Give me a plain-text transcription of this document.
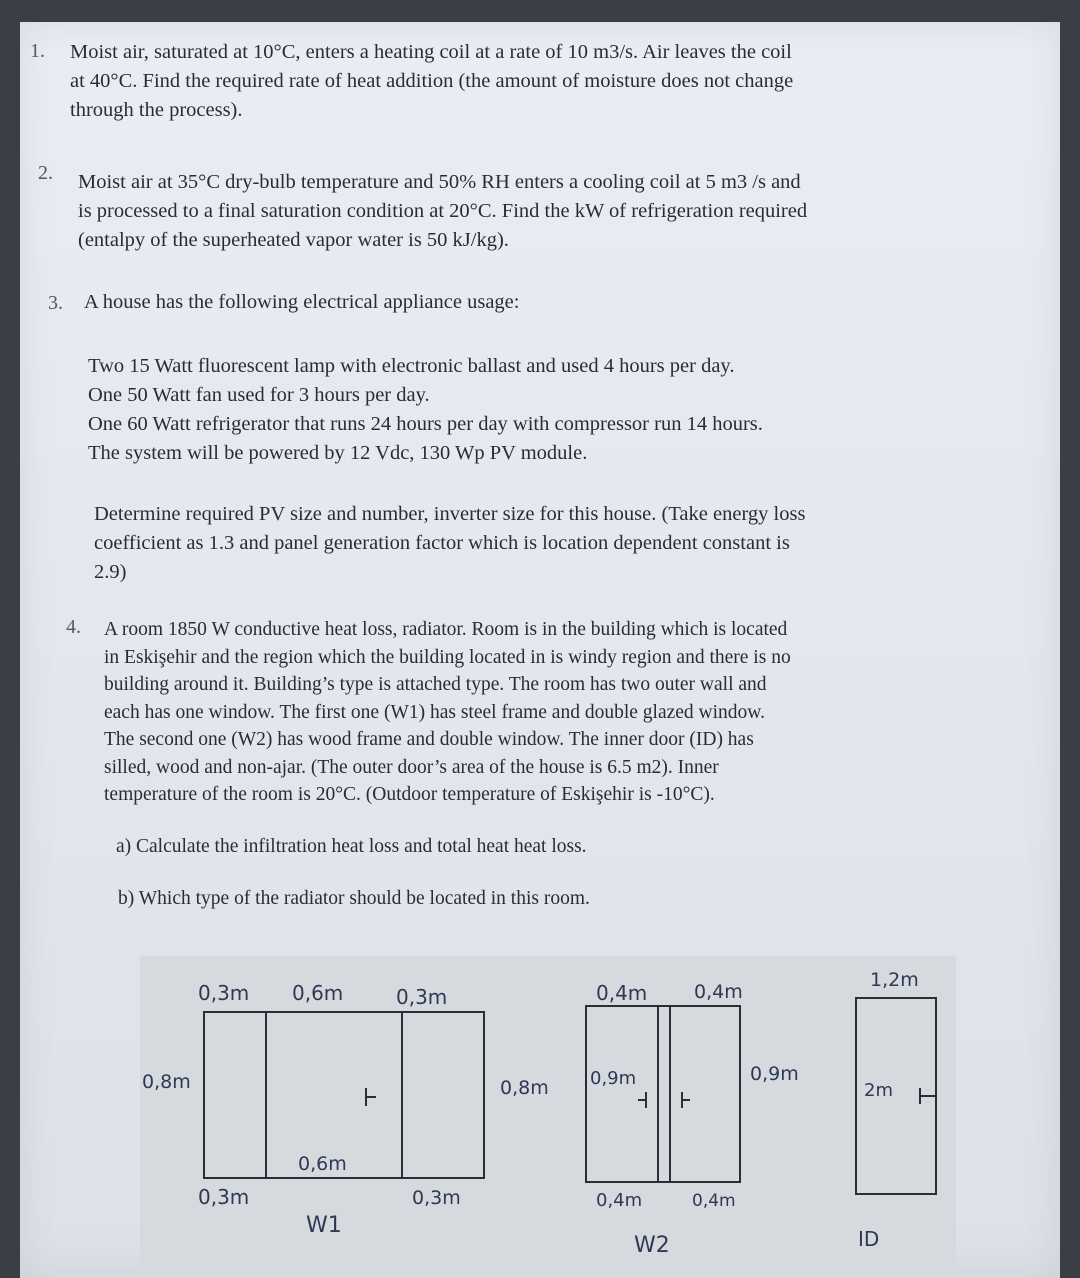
1. Moist air, saturated at 10°C, enters a heating coil at a rate of 10 m3/s. Air leaves the coil

at 40°C. Find the required rate of heat addition (the amount of moisture does not change

through the process).

2. Moist air at 35°C dry-bulb temperature and 50% RH enters a cooling coil at 5 m3 /s and

is processed to a final saturation condition at 20°C. Find the kW of refrigeration required

(entalpy of the superheated vapor water is 50 kJ/kg).

3. A house has the following electrical appliance usage:

Two 15 Watt fluorescent lamp with electronic ballast and used 4 hours per day.

One 50 Watt fan used for 3 hours per day.

One 60 Watt refrigerator that runs 24 hours per day with compressor run 14 hours.

The system will be powered by 12 Vdc, 130 Wp PV module.

Determine required PV size and number, inverter size for this house. (Take energy loss

coefficient as 1.3 and panel generation factor which is location dependent constant is

2.9)

4. A room 1850 W conductive heat loss, radiator. Room is in the building which is located

in Eskişehir and the region which the building located in is windy region and there is no

building around it. Building’s type is attached type. The room has two outer wall and

each has one window. The first one (W1) has steel frame and double glazed window.

The second one (W2) has wood frame and double window. The inner door (ID) has

silled, wood and non-ajar. (The outer door’s area of the house is 6.5 m2). Inner

temperature of the room is 20°C. (Outdoor temperature of Eskişehir is -10°C).

a) Calculate the infiltration heat loss and total heat heat loss.
b) Which type of the radiator should be located in this room.
0,3m 0,6m	0,3m
0,8m	0,8m
0,6m
0,3m	0,3m
W1
0,4m 0,4m
0,9m	0,9m
0,4m	0,4m
W2
1,2m
2m
ID
